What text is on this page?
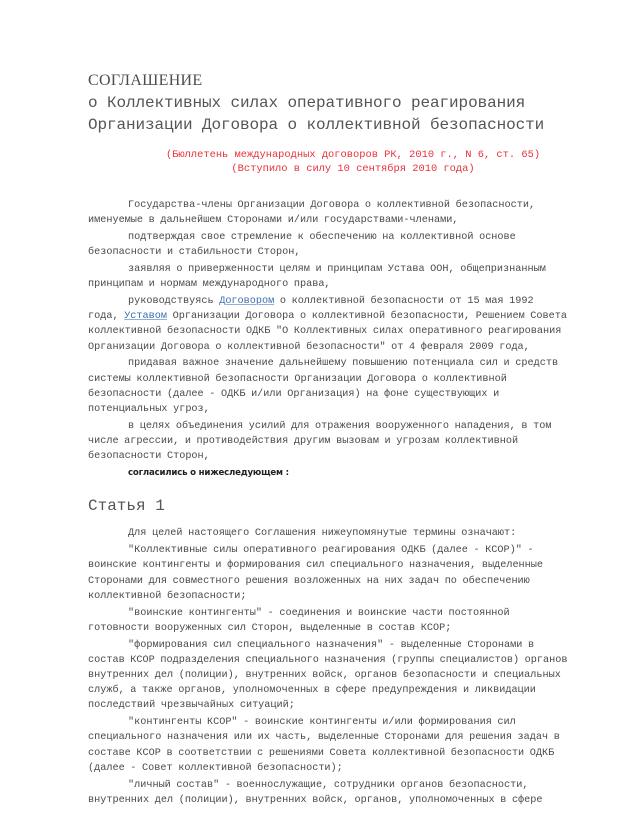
СОГЛАШЕНИЕ
о Коллективных силах оперативного реагирования
Организации Договора о коллективной безопасности
(Бюллетень международных договоров РК, 2010 г., N 6, ст. 65)
(Вступило в силу 10 сентября 2010 года)

Государства-члены Организации Договора о коллективной безопасности,
именуемые в дальнейшем Сторонами и/или государствами-членами,

подтверждая свое стремление к обеспечению на коллективной основе
безопасности и стабильности Сторон,

заявляя о приверженности целям и принципам Устава ООН, общепризнанным
принципам и нормам международного права,

руководствуясь Договором о коллективной безопасности от 15 мая 1992
года, Уставом Организации Договора о коллективной безопасности, Решением Совета
коллективной безопасности ОДКБ "О Коллективных силах оперативного реагирования
Организации Договора о коллективной безопасности" от 4 февраля 2009 года,

придавая важное значение дальнейшему повышению потенциала сил и средств
системы коллективной безопасности Организации Договора о коллективной
безопасности (далее - ОДКБ и/или Организация) на фоне существующих и
потенциальных угроз,

в целях объединения усилий для отражения вооруженного нападения, в том
числе агрессии, и противодействия другим вызовам и угрозам коллективной
безопасности Сторон,

согласились о нижеследующем :
Статья 1

Для целей настоящего Соглашения нижеупомянутые термины означают:

"Коллективные силы оперативного реагирования ОДКБ (далее - КСОР)" -
воинские контингенты и формирования сил специального назначения, выделенные
Сторонами для совместного решения возложенных на них задач по обеспечению
коллективной безопасности;

"воинские контингенты" - соединения и воинские части постоянной
готовности вооруженных сил Сторон, выделенные в состав КСОР;

"формирования сил специального назначения" - выделенные Сторонами в
состав КСОР подразделения специального назначения (группы специалистов) органов
внутренних дел (полиции), внутренних войск, органов безопасности и специальных
служб, а также органов, уполномоченных в сфере предупреждения и ликвидации
последствий чрезвычайных ситуаций;

"контингенты КСОР" - воинские контингенты и/или формирования сил
специального назначения или их часть, выделенные Сторонами для решения задач в
составе КСОР в соответствии с решениями Совета коллективной безопасности ОДКБ
(далее - Совет коллективной безопасности);

"личный состав" - военнослужащие, сотрудники органов безопасности,
внутренних дел (полиции), внутренних войск, органов, уполномоченных в сфере
